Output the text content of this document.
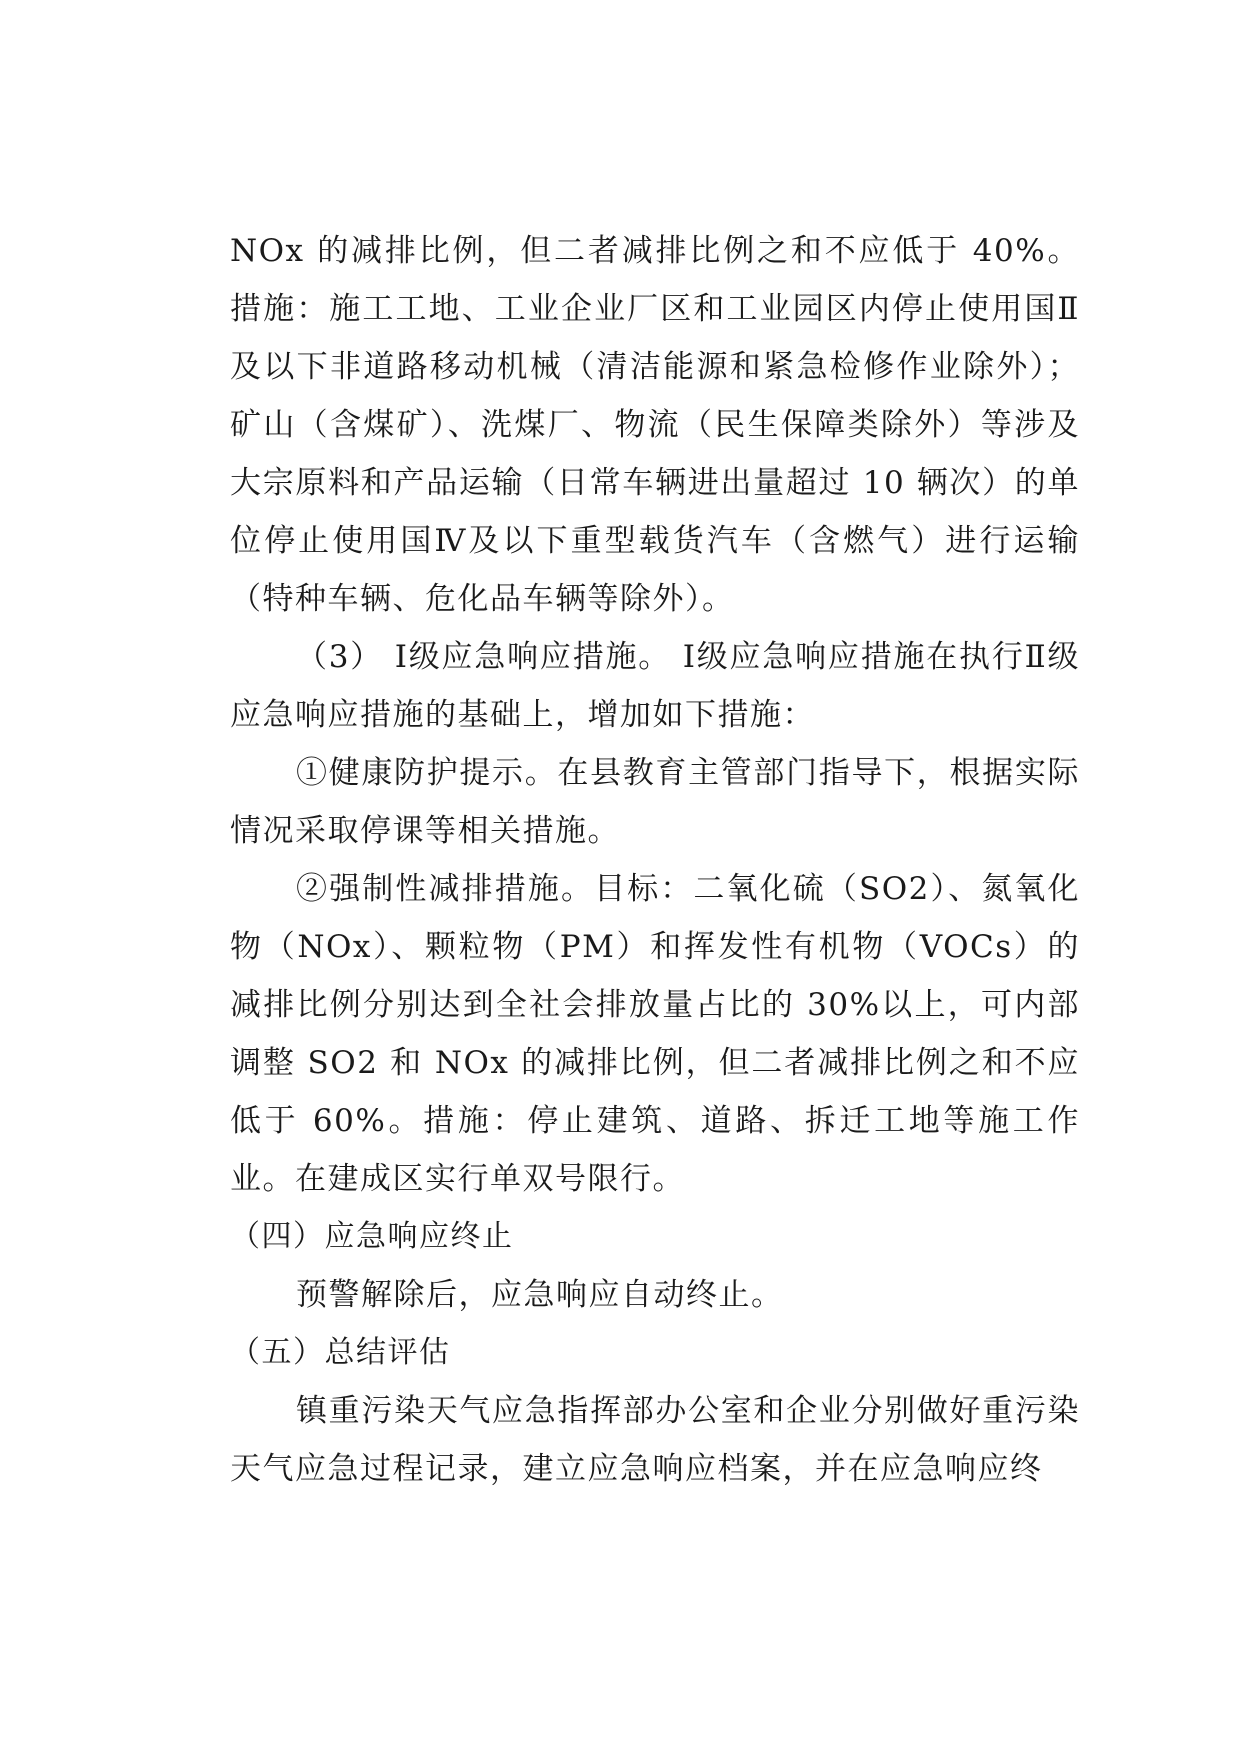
NOx 的减排比例，但二者减排比例之和不应低于 40%。措施：施工工地、工业企业厂区和工业园区内停止使用国Ⅱ及以下非道路移动机械（清洁能源和紧急检修作业除外）；矿山（含煤矿）、洗煤厂、物流（民生保障类除外）等涉及大宗原料和产品运输（日常车辆进出量超过 10 辆次）的单位停止使用国Ⅳ及以下重型载货汽车（含燃气）进行运输（特种车辆、危化品车辆等除外）。

（3） Ⅰ级应急响应措施。 Ⅰ级应急响应措施在执行Ⅱ级应急响应措施的基础上，增加如下措施：

①健康防护提示。在县教育主管部门指导下，根据实际情况采取停课等相关措施。

②强制性减排措施。目标：二氧化硫（SO2）、氮氧化物（NOx）、颗粒物（PM）和挥发性有机物（VOCs）的减排比例分别达到全社会排放量占比的 30%以上，可内部调整 SO2 和 NOx 的减排比例，但二者减排比例之和不应低于 60%。措施：停止建筑、道路、拆迁工地等施工作业。在建成区实行单双号限行。

（四）应急响应终止

预警解除后，应急响应自动终止。

（五）总结评估

镇重污染天气应急指挥部办公室和企业分别做好重污染天气应急过程记录，建立应急响应档案，并在应急响应终
